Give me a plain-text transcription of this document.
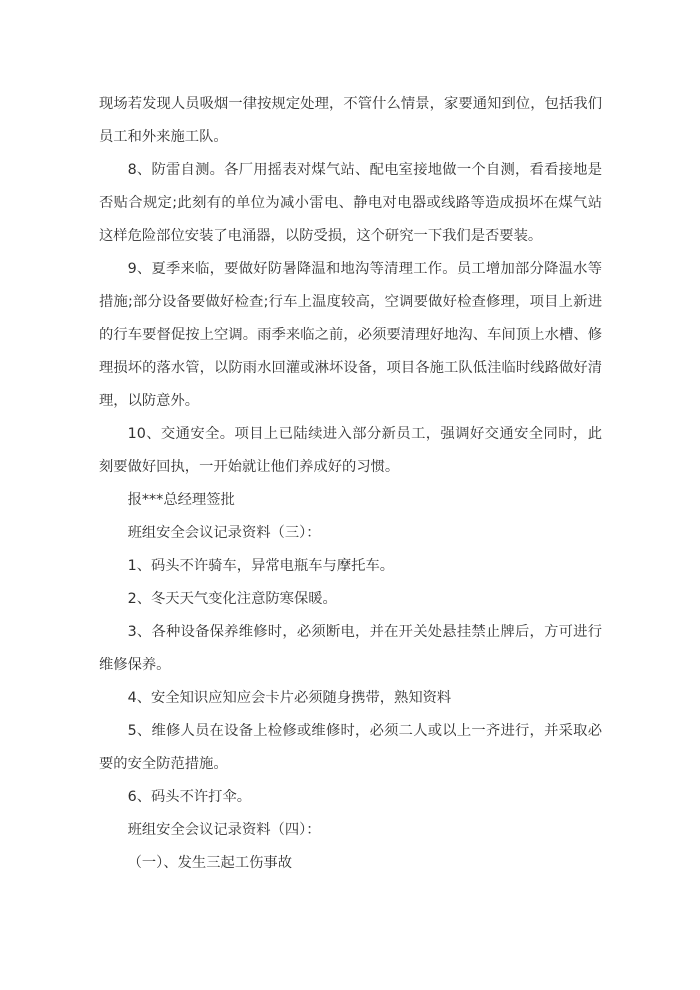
现场若发现人员吸烟一律按规定处理，不管什么情景，家要通知到位，包括我们员工和外来施工队。

8、防雷自测。各厂用摇表对煤气站、配电室接地做一个自测，看看接地是否贴合规定;此刻有的单位为减小雷电、静电对电器或线路等造成损坏在煤气站这样危险部位安装了电涌器，以防受损，这个研究一下我们是否要装。

9、夏季来临，要做好防暑降温和地沟等清理工作。员工增加部分降温水等措施;部分设备要做好检查;行车上温度较高，空调要做好检查修理，项目上新进的行车要督促按上空调。雨季来临之前，必须要清理好地沟、车间顶上水槽、修理损坏的落水管，以防雨水回灌或淋坏设备，项目各施工队低洼临时线路做好清理，以防意外。

10、交通安全。项目上已陆续进入部分新员工，强调好交通安全同时，此刻要做好回执，一开始就让他们养成好的习惯。

报***总经理签批

班组安全会议记录资料（三）：

1、码头不许骑车，异常电瓶车与摩托车。

2、冬天天气变化注意防寒保暖。

3、各种设备保养维修时，必须断电，并在开关处悬挂禁止牌后，方可进行维修保养。

4、安全知识应知应会卡片必须随身携带，熟知资料

5、维修人员在设备上检修或维修时，必须二人或以上一齐进行，并采取必要的安全防范措施。

6、码头不许打伞。

班组安全会议记录资料（四）：

（一）、发生三起工伤事故
